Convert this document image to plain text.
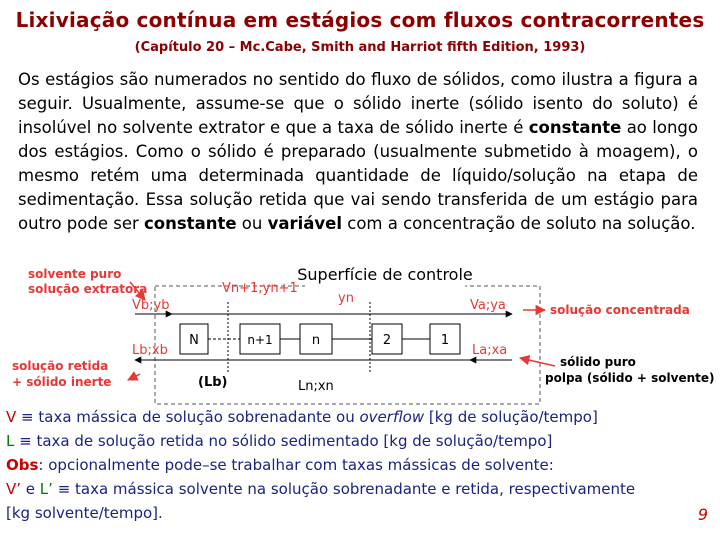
Lixiviação contínua em estágios com fluxos contracorrentes
(Capítulo 20 – Mc.Cabe, Smith and Harriot fifth Edition, 1993)

Os estágios são numerados no sentido do fluxo de sólidos, como ilustra a figura a seguir. Usualmente, assume-se que o sólido inerte (sólido isento do soluto) é insolúvel no solvente extrator e que a taxa de sólido inerte é constante ao longo dos estágios. Como o sólido é preparado (usualmente submetido à moagem), o mesmo retém uma determinada quantidade de líquido/solução na etapa de sedimentação. Essa solução retida que vai sendo transferida de um estágio para outro pode ser constante ou variável com a concentração de soluto na solução.

Superfície de controle
N	n+1	n	2	1
solvente puro
solução extratora
solução retida
+ sólido inerte
solução concentrada
sólido puro
polpa (sólido + solvente)
Vb;yb
Lb;xb
Vn+1;yn+1
yn	Va;ya
La;xa
Ln;xn
(Lb)
V ≡ taxa mássica de solução sobrenadante ou overflow [kg de solução/tempo]
L ≡ taxa de solução retida no sólido sedimentado [kg de solução/tempo]
Obs: opcionalmente pode–se trabalhar com taxas mássicas de solvente:
V’ e L’ ≡ taxa mássica solvente na solução sobrenadante e retida, respectivamente
[kg solvente/tempo].	9
